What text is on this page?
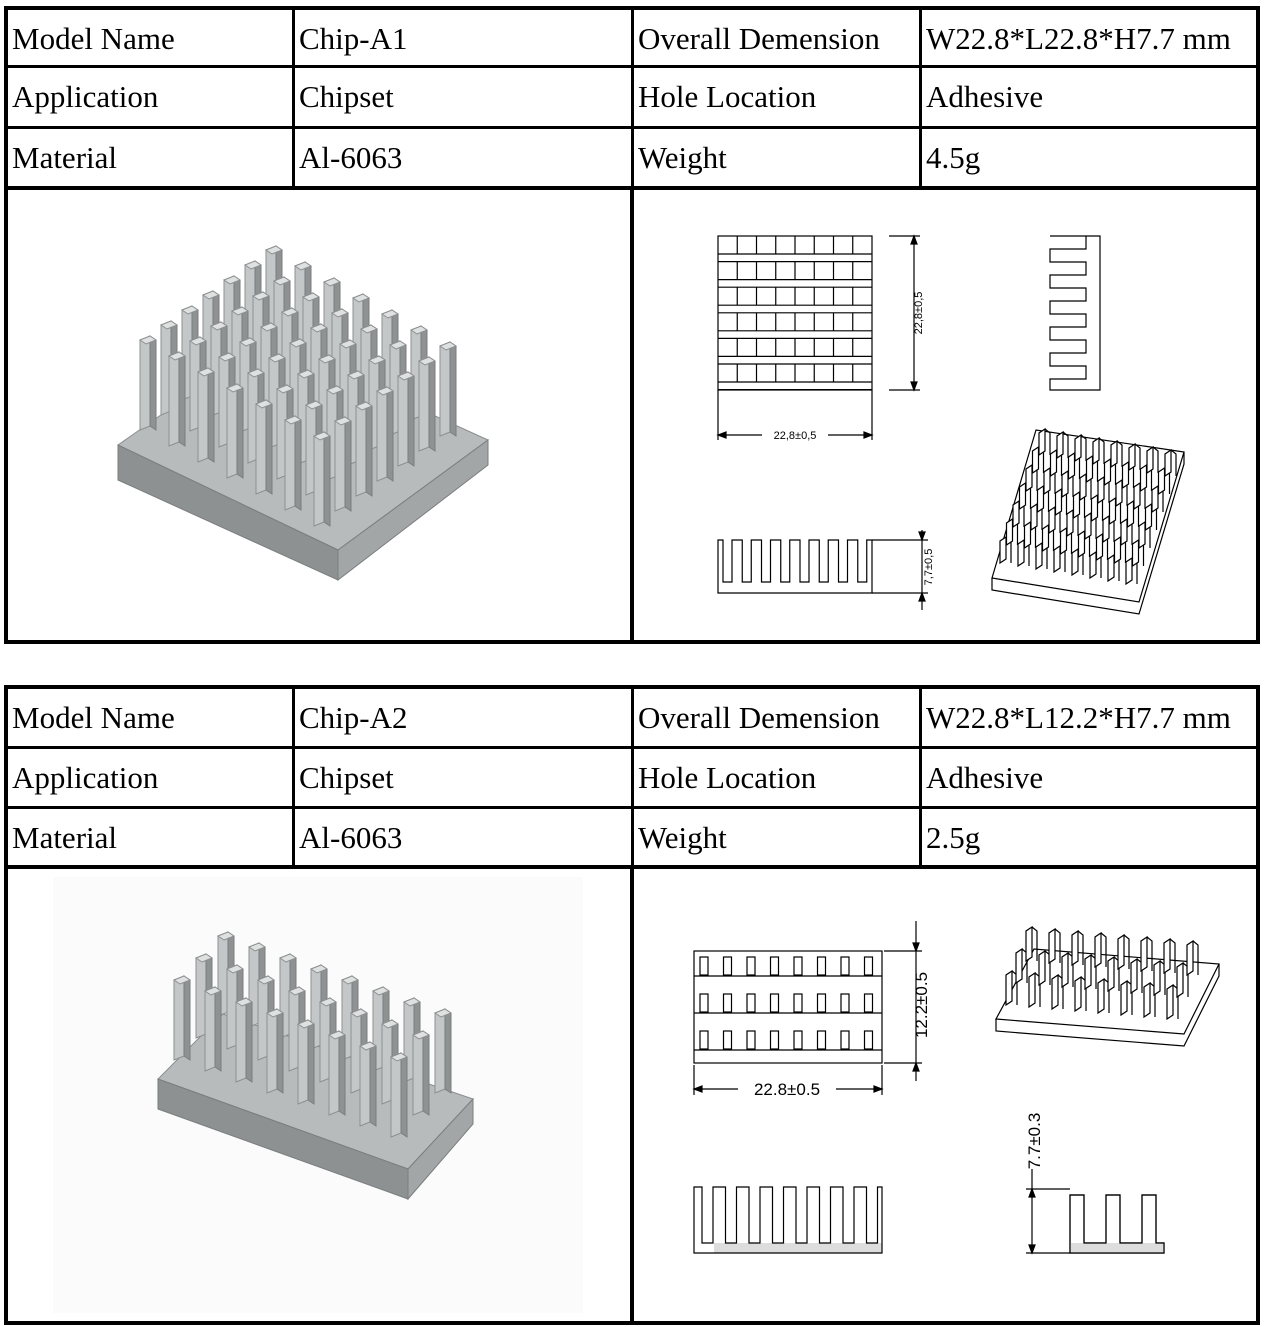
Model Name	Chip-A1	Overall Demension	W22.8*L22.8*H7.7 mm
Application	Chipset	Hole Location	Adhesive
Material	Al-6063	Weight	4.5g
22,8±0,5
22,8±0,5
7,7±0,5
Model Name	Chip-A2	Overall Demension	W22.8*L12.2*H7.7 mm
Application	Chipset	Hole Location	Adhesive
Material	Al-6063	Weight	2.5g
12.2±0.5
22.8±0.5
7.7±0.3
